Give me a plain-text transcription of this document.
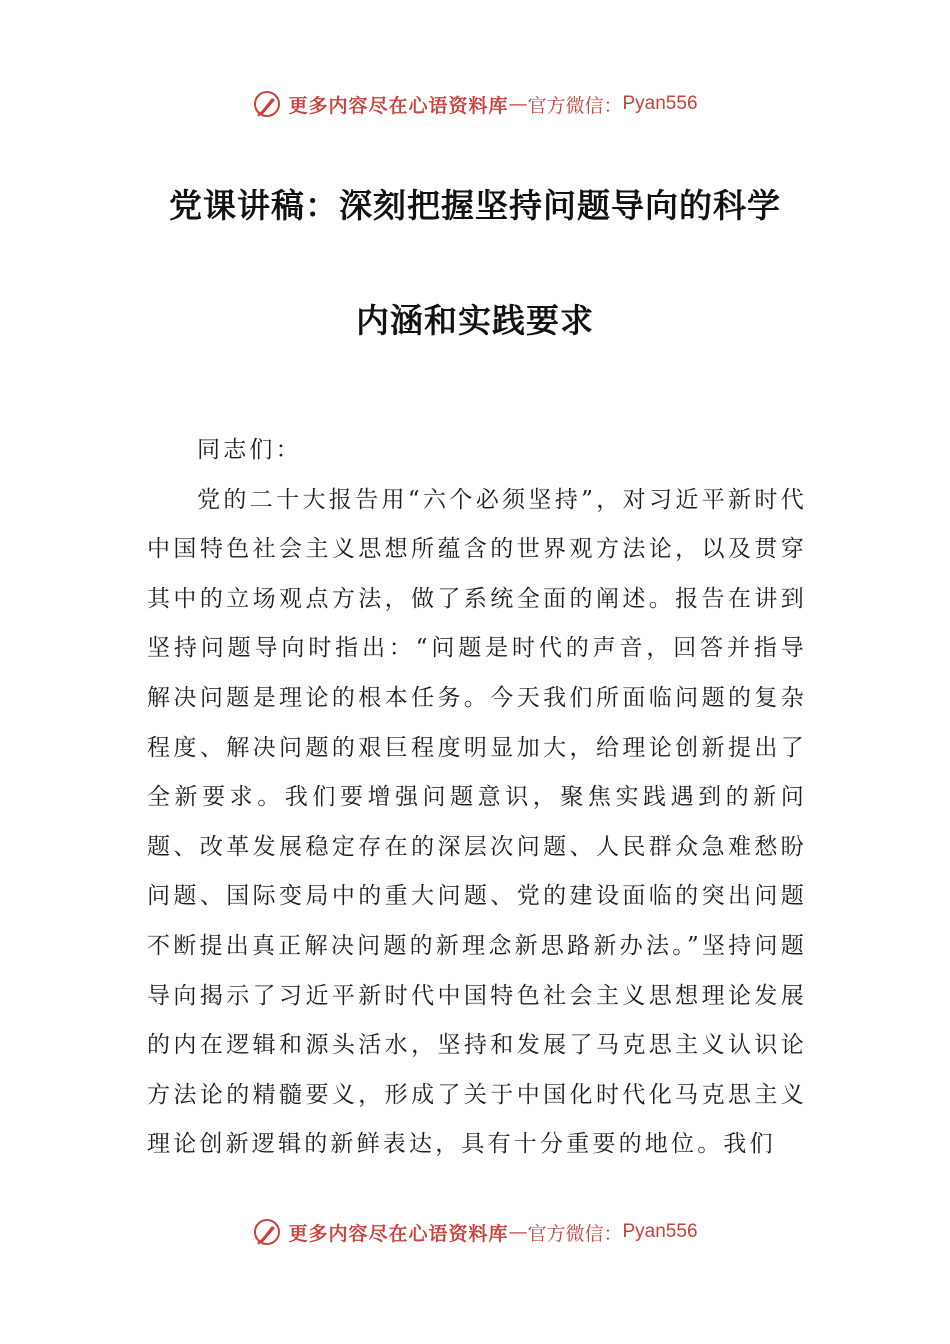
更多内容尽在心语资料库 — 官方微信： Pyan556
党课讲稿：深刻把握坚持问题导向的科学
内涵和实践要求

同志们：

党的二十大报告用“六个必须坚持”，对习近平新时代中国特色社会主义思想所蕴含的世界观方法论，以及贯穿其中的立场观点方法，做了系统全面的阐述。报告在讲到坚持问题导向时指出：“问题是时代的声音，回答并指导解决问题是理论的根本任务。今天我们所面临问题的复杂程度、解决问题的艰巨程度明显加大，给理论创新提出了全新要求。我们要增强问题意识，聚焦实践遇到的新问题、改革发展稳定存在的深层次问题、人民群众急难愁盼问题、国际变局中的重大问题、党的建设面临的突出问题不断提出真正解决问题的新理念新思路新办法。”坚持问题导向揭示了习近平新时代中国特色社会主义思想理论发展的内在逻辑和源头活水，坚持和发展了马克思主义认识论方法论的精髓要义，形成了关于中国化时代化马克思主义理论创新逻辑的新鲜表达，具有十分重要的地位。我们

更多内容尽在心语资料库 — 官方微信： Pyan556
